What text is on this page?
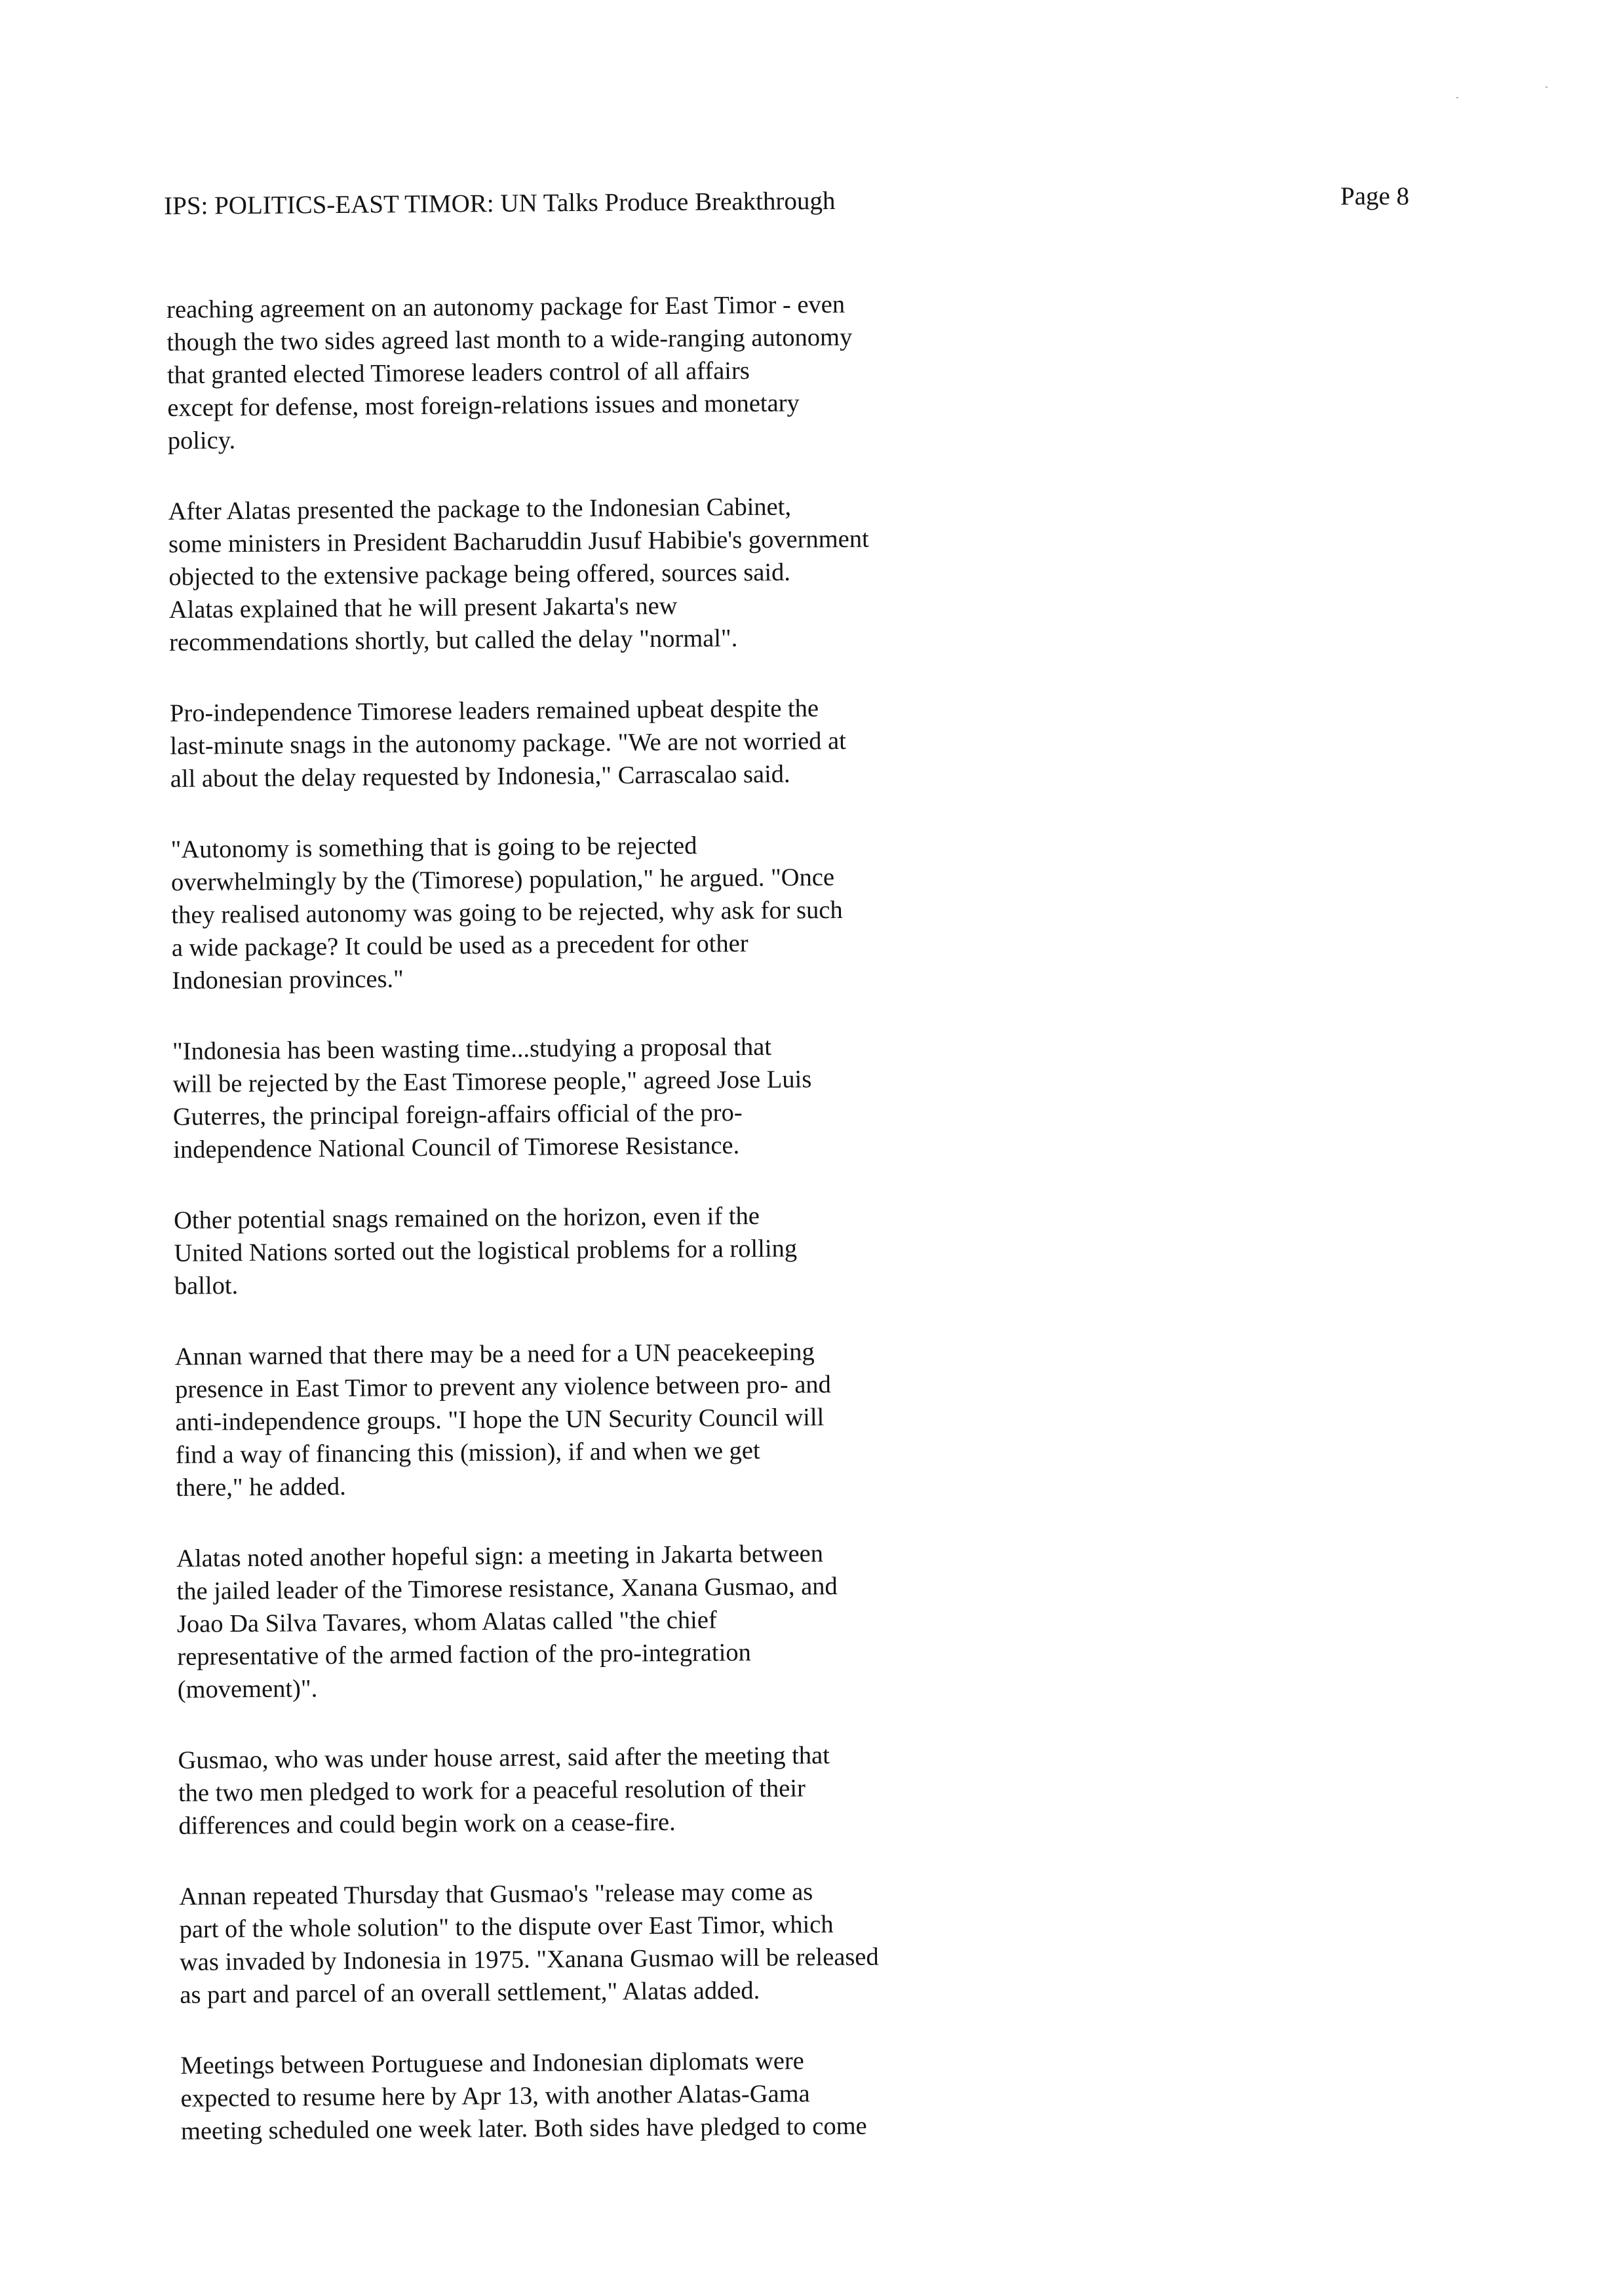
IPS: POLITICS-EAST TIMOR: UN Talks Produce Breakthrough	Page 8
reaching agreement on an autonomy package for East Timor - even
though the two sides agreed last month to a wide-ranging autonomy
that granted elected Timorese leaders control of all affairs
except for defense, most foreign-relations issues and monetary
policy.
After Alatas presented the package to the Indonesian Cabinet,
some ministers in President Bacharuddin Jusuf Habibie's government
objected to the extensive package being offered, sources said.
Alatas explained that he will present Jakarta's new
recommendations shortly, but called the delay "normal".
Pro-independence Timorese leaders remained upbeat despite the
last-minute snags in the autonomy package. "We are not worried at
all about the delay requested by Indonesia," Carrascalao said.
"Autonomy is something that is going to be rejected
overwhelmingly by the (Timorese) population," he argued. "Once
they realised autonomy was going to be rejected, why ask for such
a wide package? It could be used as a precedent for other
Indonesian provinces."
"Indonesia has been wasting time...studying a proposal that
will be rejected by the East Timorese people," agreed Jose Luis
Guterres, the principal foreign-affairs official of the pro-
independence National Council of Timorese Resistance.
Other potential snags remained on the horizon, even if the
United Nations sorted out the logistical problems for a rolling
ballot.
Annan warned that there may be a need for a UN peacekeeping
presence in East Timor to prevent any violence between pro- and
anti-independence groups. "I hope the UN Security Council will
find a way of financing this (mission), if and when we get
there," he added.
Alatas noted another hopeful sign: a meeting in Jakarta between
the jailed leader of the Timorese resistance, Xanana Gusmao, and
Joao Da Silva Tavares, whom Alatas called "the chief
representative of the armed faction of the pro-integration
(movement)".
Gusmao, who was under house arrest, said after the meeting that
the two men pledged to work for a peaceful resolution of their
differences and could begin work on a cease-fire.
Annan repeated Thursday that Gusmao's "release may come as
part of the whole solution" to the dispute over East Timor, which
was invaded by Indonesia in 1975. "Xanana Gusmao will be released
as part and parcel of an overall settlement," Alatas added.
Meetings between Portuguese and Indonesian diplomats were
expected to resume here by Apr 13, with another Alatas-Gama
meeting scheduled one week later. Both sides have pledged to come
